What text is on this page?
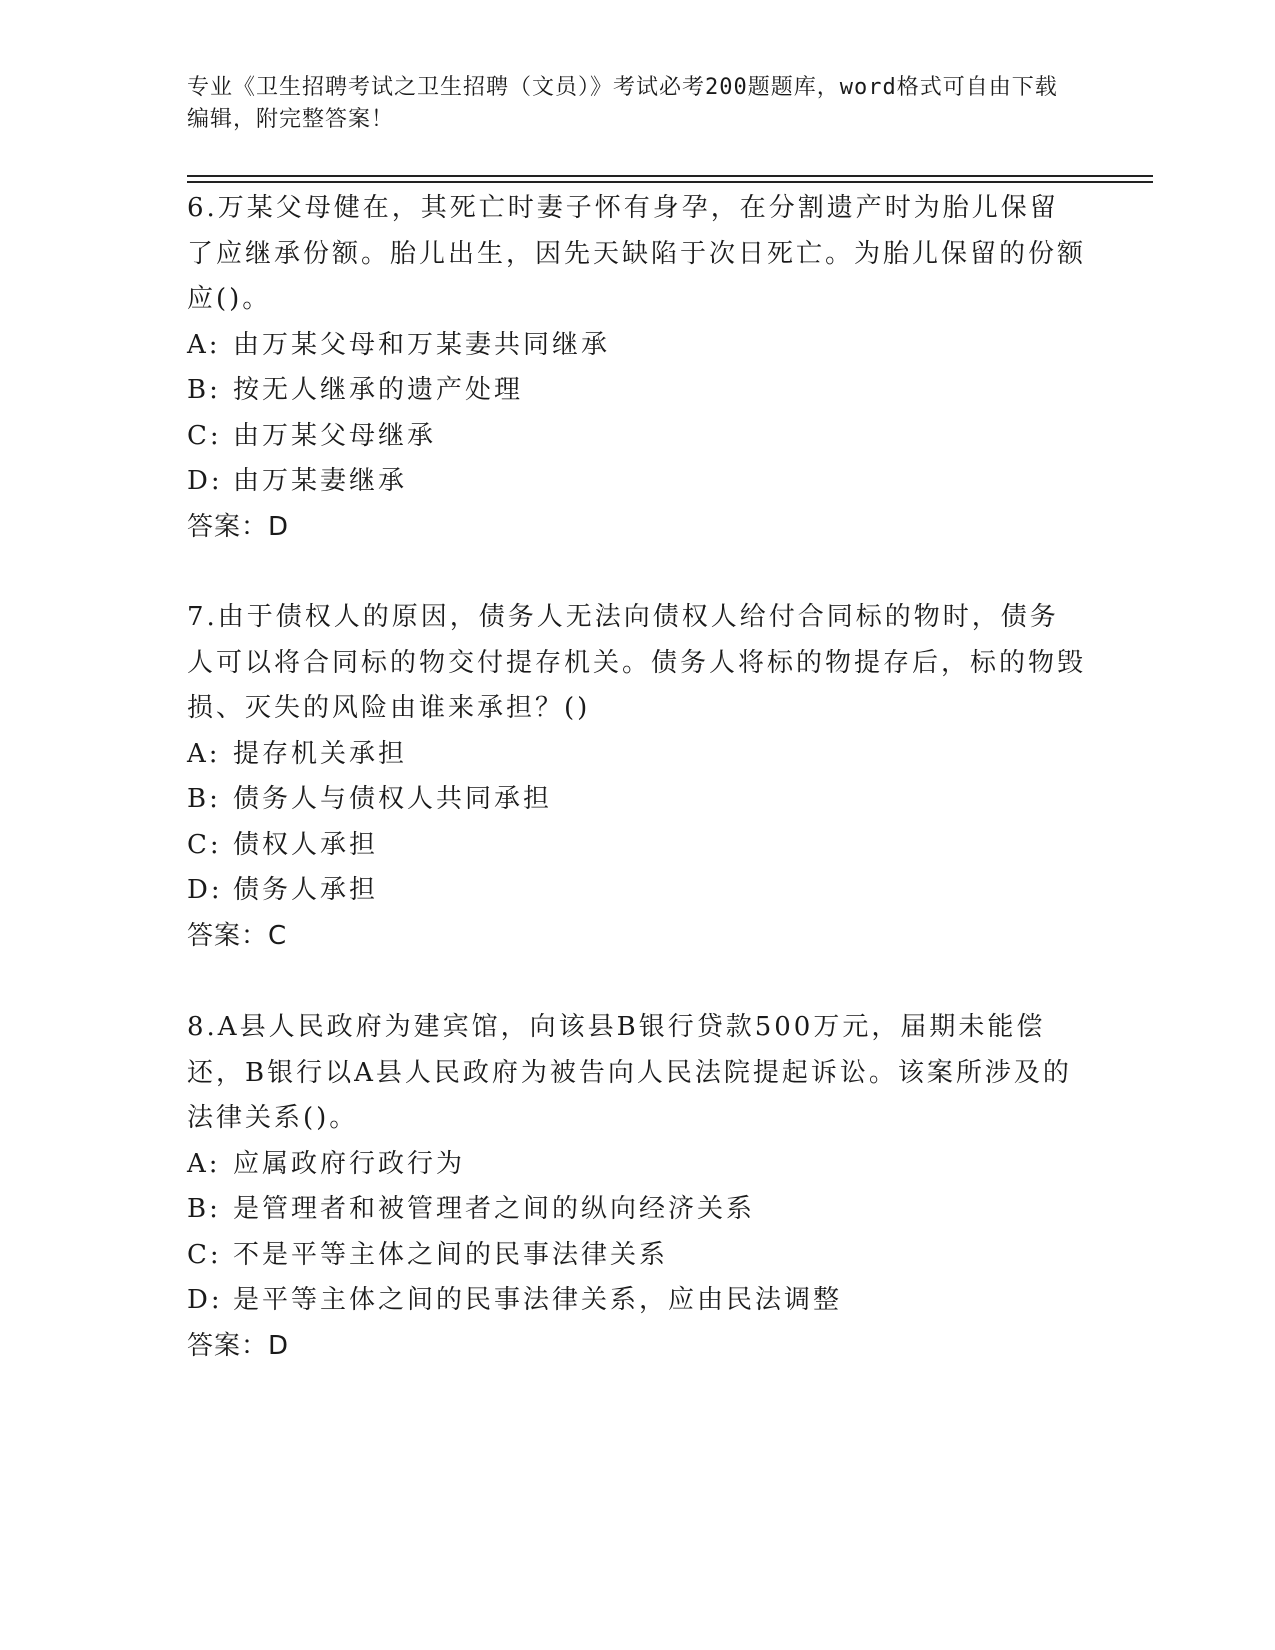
专业《卫生招聘考试之卫生招聘（文员）》考试必考200题题库，word格式可自由下载编辑，附完整答案！

6.万某父母健在，其死亡时妻子怀有身孕，在分割遗产时为胎儿保留了应继承份额。胎儿出生，因先天缺陷于次日死亡。为胎儿保留的份额应()。

A: 由万某父母和万某妻共同继承

B: 按无人继承的遗产处理

C: 由万某父母继承

D: 由万某妻继承

答案：D

7.由于债权人的原因，债务人无法向债权人给付合同标的物时，债务人可以将合同标的物交付提存机关。债务人将标的物提存后，标的物毁损、灭失的风险由谁来承担？()

A: 提存机关承担

B: 债务人与债权人共同承担

C: 债权人承担

D: 债务人承担

答案：C

8.A县人民政府为建宾馆，向该县B银行贷款500万元，届期未能偿还，B银行以A县人民政府为被告向人民法院提起诉讼。该案所涉及的法律关系()。

A: 应属政府行政行为

B: 是管理者和被管理者之间的纵向经济关系

C: 不是平等主体之间的民事法律关系

D: 是平等主体之间的民事法律关系，应由民法调整

答案：D
